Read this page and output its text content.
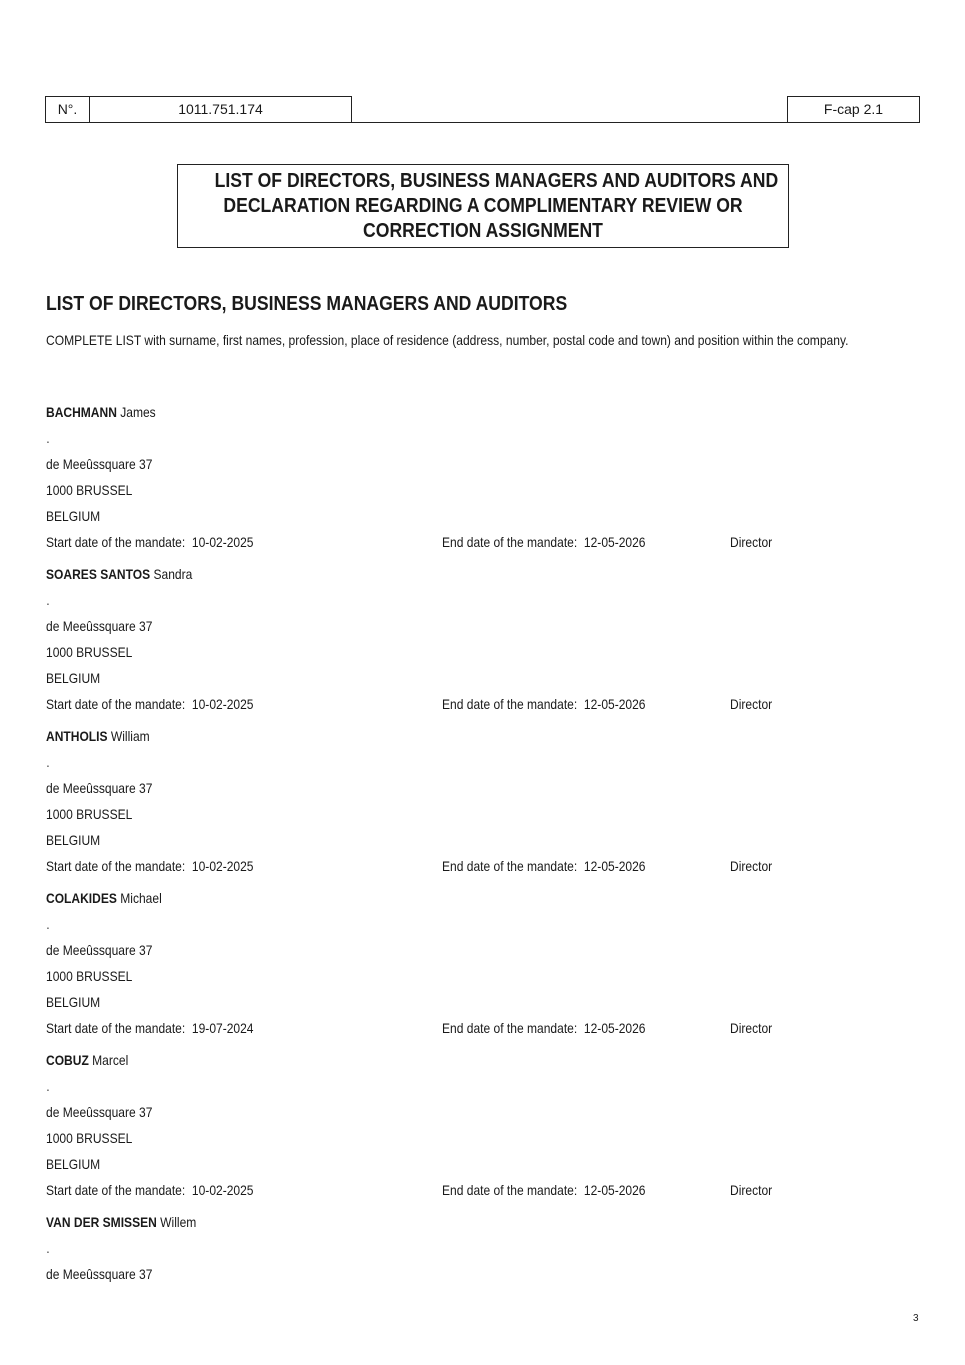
N°.	1011.751.174	F-cap 2.1
LIST OF DIRECTORS, BUSINESS MANAGERS AND AUDITORS AND
DECLARATION REGARDING A COMPLIMENTARY REVIEW OR
CORRECTION ASSIGNMENT
LIST OF DIRECTORS, BUSINESS MANAGERS AND AUDITORS
COMPLETE LIST with surname, first names, profession, place of residence (address, number, postal code and town) and position within the company.
BACHMANN James
.
de Meeûssquare 37
1000 BRUSSEL
BELGIUM
Start date of the mandate: 10-02-2025	End date of the mandate: 12-05-2026	Director
SOARES SANTOS Sandra
.
de Meeûssquare 37
1000 BRUSSEL
BELGIUM
Start date of the mandate: 10-02-2025	End date of the mandate: 12-05-2026	Director
ANTHOLIS William
.
de Meeûssquare 37
1000 BRUSSEL
BELGIUM
Start date of the mandate: 10-02-2025	End date of the mandate: 12-05-2026	Director
COLAKIDES Michael
.
de Meeûssquare 37
1000 BRUSSEL
BELGIUM
Start date of the mandate: 19-07-2024	End date of the mandate: 12-05-2026	Director
COBUZ Marcel
.
de Meeûssquare 37
1000 BRUSSEL
BELGIUM
Start date of the mandate: 10-02-2025	End date of the mandate: 12-05-2026	Director
VAN DER SMISSEN Willem
.
de Meeûssquare 37
3
